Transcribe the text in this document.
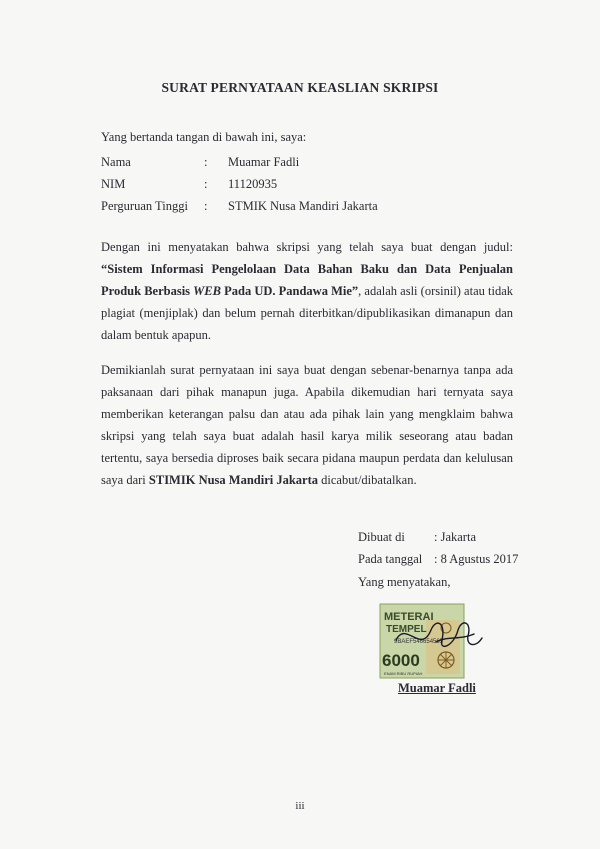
SURAT PERNYATAAN KEASLIAN SKRIPSI
Yang bertanda tangan di bawah ini, saya:
Nama	: Muamar Fadli
NIM	: 11120935
Perguruan Tinggi : STMIK Nusa Mandiri Jakarta
Dengan ini menyatakan bahwa skripsi yang telah saya buat dengan judul: “Sistem Informasi Pengelolaan Data Bahan Baku dan Data Penjualan Produk Berbasis WEB Pada UD. Pandawa Mie”, adalah asli (orsinil) atau tidak plagiat (menjiplak) dan belum pernah diterbitkan/dipublikasikan dimanapun dan dalam bentuk apapun.
Demikianlah surat pernyataan ini saya buat dengan sebenar-benarnya tanpa ada paksanaan dari pihak manapun juga. Apabila dikemudian hari ternyata saya memberikan keterangan palsu dan atau ada pihak lain yang mengklaim bahwa skripsi yang telah saya buat adalah hasil karya milik seseorang atau badan tertentu, saya bersedia diproses baik secara pidana maupun perdata dan kelulusan saya dari STIMIK Nusa Mandiri Jakarta dicabut/dibatalkan.
Dibuat di : Jakarta
Pada tanggal : 8 Agustus 2017
Yang menyatakan,
METERAI
TEMPEL
9BAEF546654565
6000
ENAM RIBU RUPIAH
Muamar Fadli
iii
